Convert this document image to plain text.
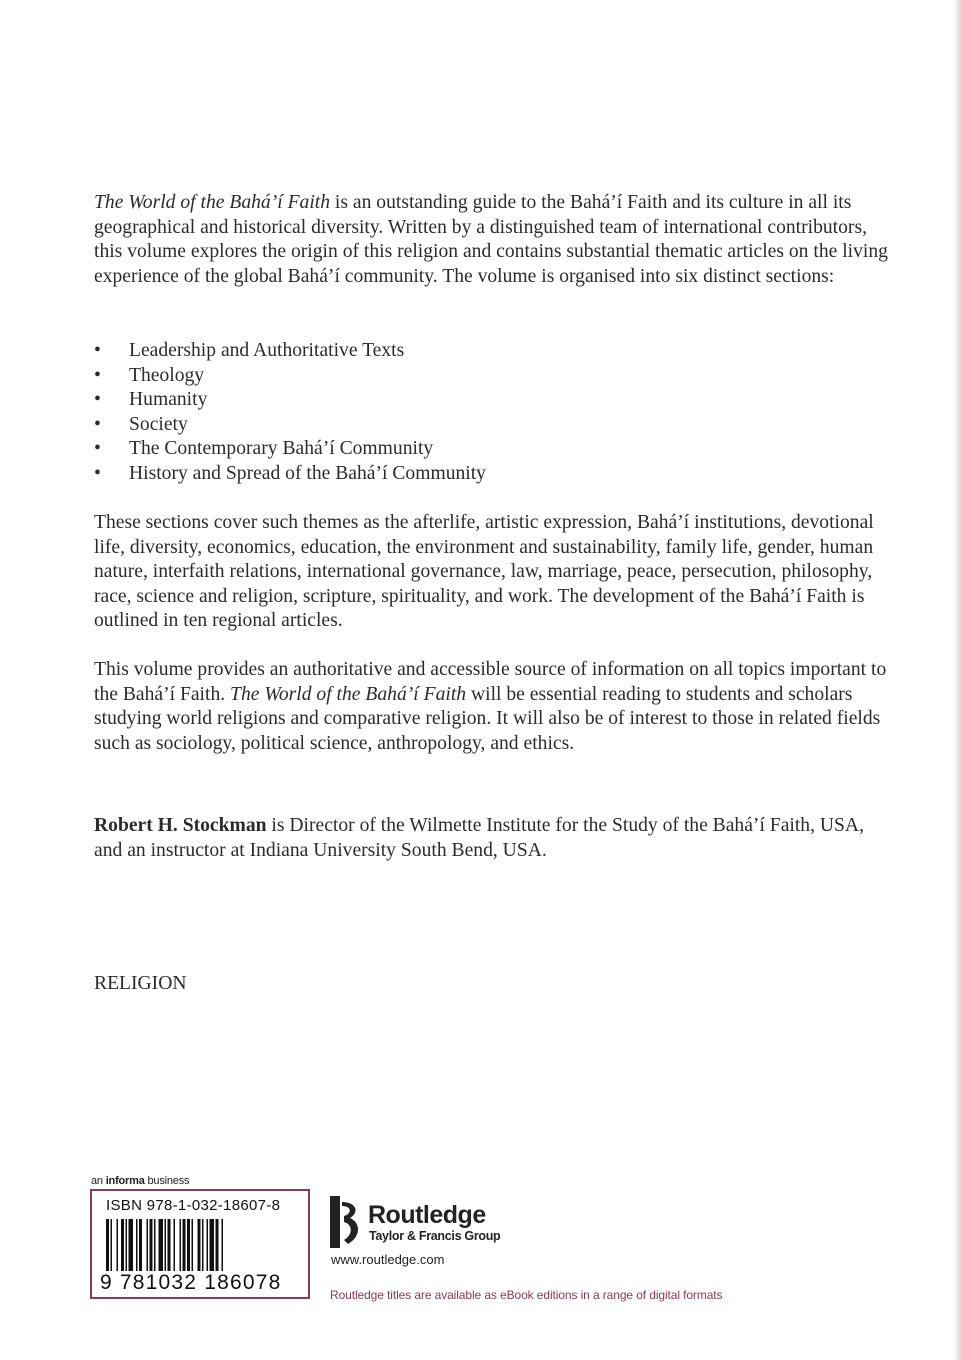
The World of the Bahá’í Faith is an outstanding guide to the Bahá’í Faith and its culture in all its geographical and historical diversity. Written by a distinguished team of international contributors, this volume explores the origin of this religion and contains substantial thematic articles on the living experience of the global Bahá’í community. The volume is organised into six distinct sections:

• Leadership and Authoritative Texts
• Theology
• Humanity
• Society
• The Contemporary Bahá’í Community
• History and Spread of the Bahá’í Community

These sections cover such themes as the afterlife, artistic expression, Bahá’í institutions, devotional life, diversity, economics, education, the environment and sustainability, family life, gender, human nature, interfaith relations, international governance, law, marriage, peace, persecution, philosophy, race, science and religion, scripture, spirituality, and work. The development of the Bahá’í Faith is outlined in ten regional articles.

This volume provides an authoritative and accessible source of information on all topics important to the Bahá’í Faith. The World of the Bahá’í Faith will be essential reading to students and scholars studying world religions and comparative religion. It will also be of interest to those in related fields such as sociology, political science, anthropology, and ethics.

Robert H. Stockman is Director of the Wilmette Institute for the Study of the Bahá’í Faith, USA, and an instructor at Indiana University South Bend, USA.

RELIGION

an informa business
ISBN 978-1-032-18607-8
9 781032 186078
Routledge
Taylor & Francis Group
www.routledge.com
Routledge titles are available as eBook editions in a range of digital formats
